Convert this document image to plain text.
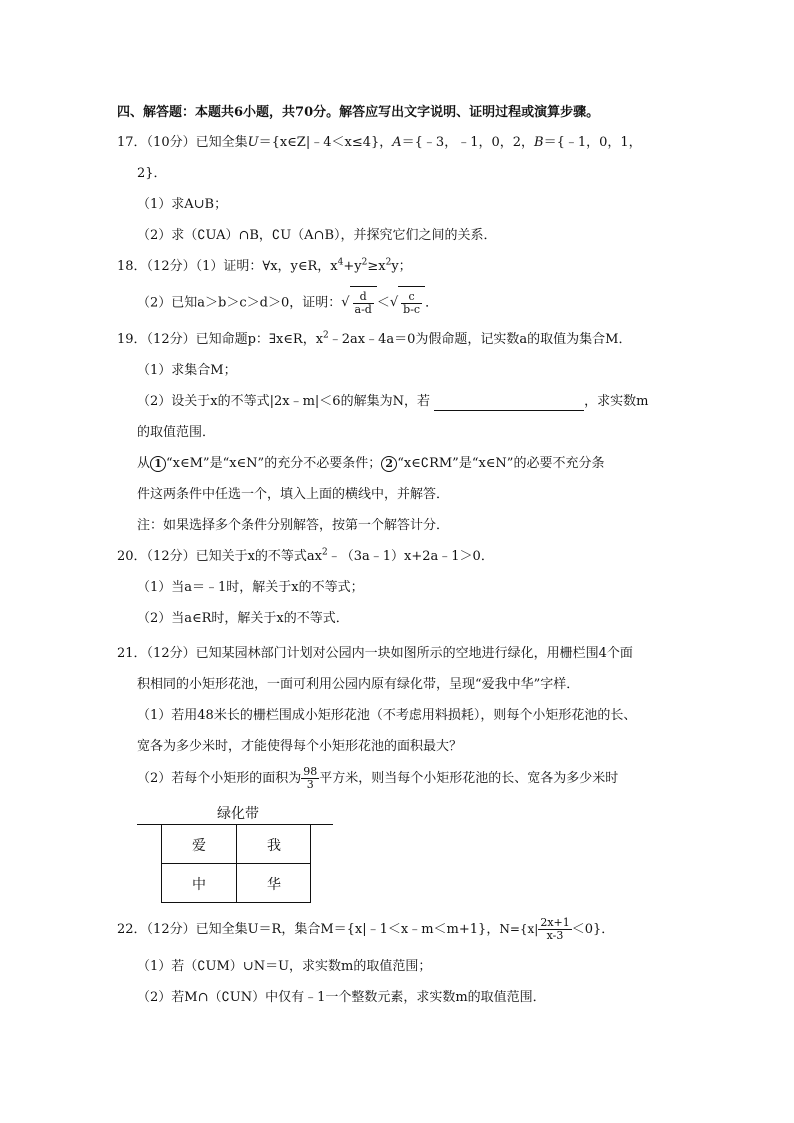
四、解答题：本题共6小题，共70分。解答应写出文字说明、证明过程或演算步骤。
17．（10分）已知全集U＝{x∈Z|﹣4＜x≤4}，A＝{﹣3，﹣1，0，2，B＝{﹣1，0，1，
2}．
（1）求A∪B；
（2）求（∁UA）∩B，∁U（A∩B），并探究它们之间的关系．
18．（12分）（1）证明：∀x，y∈R，$x^4+y^2\ge x^2y$；
（2）已知a＞b＞c＞d＞0，证明： √ $\frac{d}{a-d}$ ＜ √ $\frac{c}{b-c}$ ．
19．（12分）已知命题p：∃x∈R，$x^2﹣2ax﹣4a=0$为假命题，记实数a的取值为集合M．
（1）求集合M；
（2）设关于x的不等式|2x﹣m|＜6的解集为N，若	，求实数m
的取值范围．
从 1 “x∈M”是“x∈N”的充分不必要条件； 2 “x∈∁RM”是“x∈N”的必要不充分条
件这两条件中任选一个，填入上面的横线中，并解答．
注：如果选择多个条件分别解答，按第一个解答计分．
20．（12分）已知关于x的不等式$ax^2﹣(3a﹣1)x+2a﹣1>0$．
（1）当a＝﹣1时，解关于x的不等式；
（2）当a∈R时，解关于x的不等式．
21．（12分）已知某园林部门计划对公园内一块如图所示的空地进行绿化，用栅栏围4个面
积相同的小矩形花池，一面可利用公园内原有绿化带，呈现“爱我中华”字样．
（1）若用48米长的栅栏围成小矩形花池（不考虑用料损耗），则每个小矩形花池的长、
宽各为多少米时，才能使得每个小矩形花池的面积最大？
（2）若每个小矩形的面积为 $\frac{98}{3}$ 平方米，则当每个小矩形花池的长、宽各为多少米时
绿化带
爱	我
中	华
22．（12分）已知全集U＝R，集合M＝{x|﹣1＜x﹣m＜m+1}，$N=\{x| \frac{2x+1}{x-3} <0\}$．
（1）若（∁UM）∪N＝U，求实数m的取值范围；
（2）若M∩（∁UN）中仅有﹣1一个整数元素，求实数m的取值范围．
